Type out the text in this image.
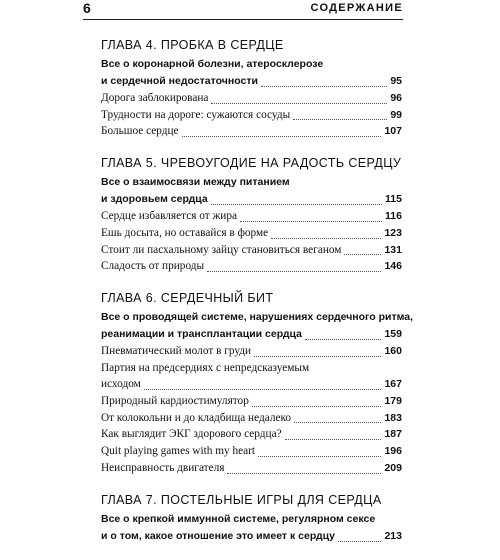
6	СОДЕРЖАНИЕ
ГЛАВА 4. ПРОБКА В СЕРДЦЕ
Все о коронарной болезни, атеросклерозе
и сердечной недостаточности	95
Дорога заблокирована	96
Трудности на дороге: сужаются сосуды	99
Большое сердце	107
ГЛАВА 5. ЧРЕВОУГОДИЕ НА РАДОСТЬ СЕРДЦУ
Все о взаимосвязи между питанием
и здоровьем сердца	115
Сердце избавляется от жира	116
Ешь досыта, но оставайся в форме	123
Стоит ли пасхальному зайцу становиться веганом	131
Сладость от природы	146
ГЛАВА 6. СЕРДЕЧНЫЙ БИТ
Все о проводящей системе, нарушениях сердечного ритма,
реанимации и трансплантации сердца	159
Пневматический молот в груди	160
Партия на предсердиях с непредсказуемым
исходом	167
Природный кардиостимулятор	179
От колокольни и до кладбища недалеко	183
Как выглядит ЭКГ здорового сердца?	187
Quit playing games with my heart	196
Неисправность двигателя	209
ГЛАВА 7. ПОСТЕЛЬНЫЕ ИГРЫ ДЛЯ СЕРДЦА
Все о крепкой иммунной системе, регулярном сексе
и о том, какое отношение это имеет к сердцу	213
